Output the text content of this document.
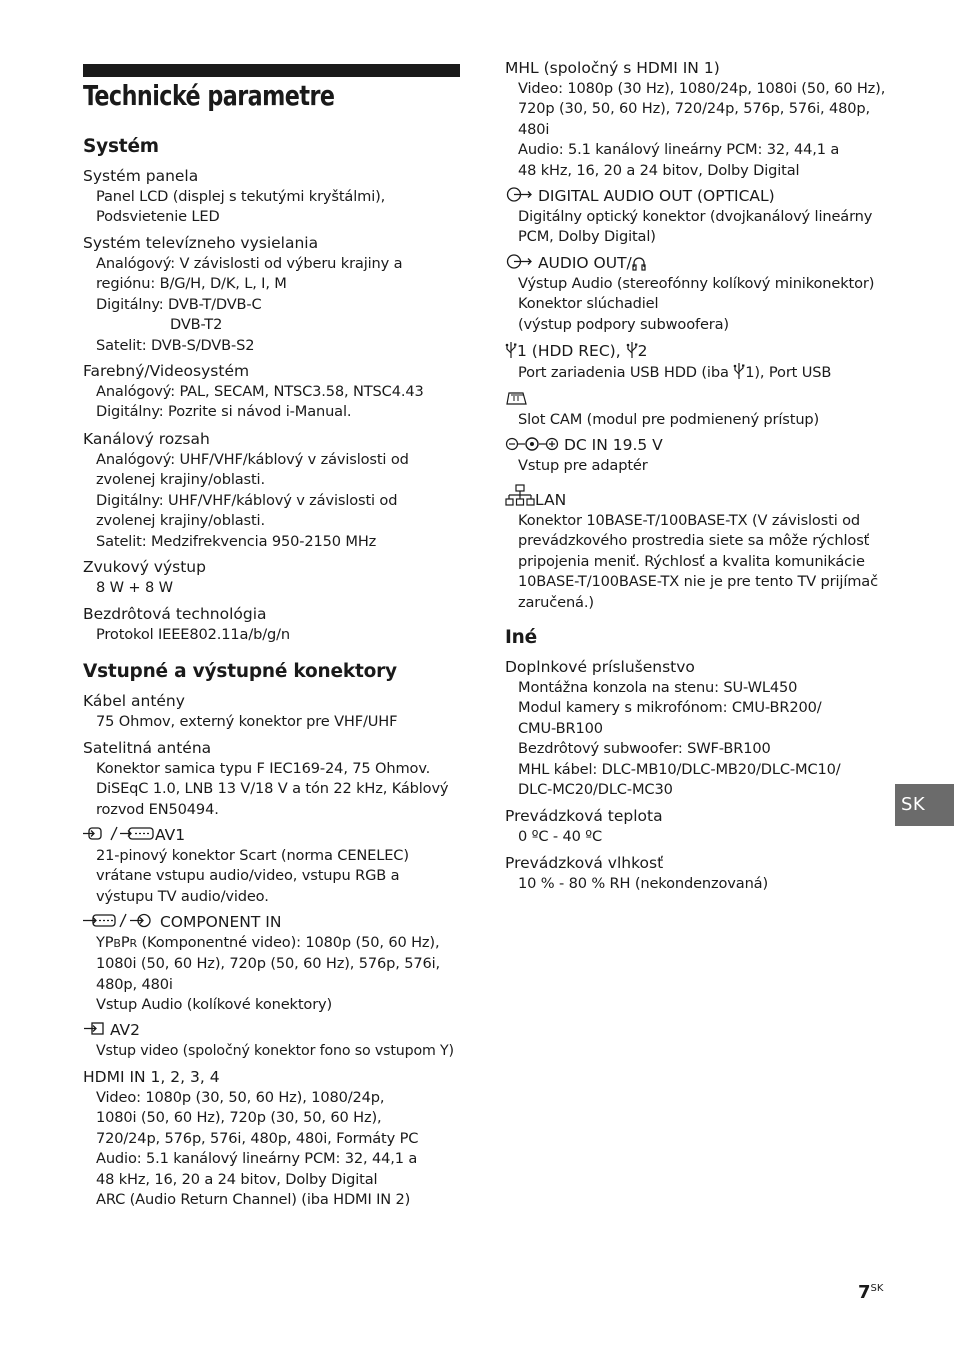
Technické parametre
Systém

Systém panela

Panel LCD (displej s tekutými kryštálmi),

Podsvietenie LED

Systém televízneho vysielania

Analógový: V závislosti od výberu krajiny a

regiónu: B/G/H, D/K, L, I, M

Digitálny: DVB-T/DVB-C

DVB-T2

Satelit: DVB-S/DVB-S2

Farebný/Videosystém

Analógový: PAL, SECAM, NTSC3.58, NTSC4.43

Digitálny: Pozrite si návod i-Manual.

Kanálový rozsah

Analógový: UHF/VHF/káblový v závislosti od

zvolenej krajiny/oblasti.

Digitálny: UHF/VHF/káblový v závislosti od

zvolenej krajiny/oblasti.

Satelit: Medzifrekvencia 950-2150 MHz

Zvukový výstup

8 W + 8 W

Bezdrôtová technológia

Protokol IEEE802.11a/b/g/n

Vstupné a výstupné konektory

Kábel antény

75 Ohmov, externý konektor pre VHF/UHF

Satelitná anténa

Konektor samica typu F IEC169-24, 75 Ohmov.

DiSEqC 1.0, LNB 13 V/18 V a tón 22 kHz, Káblový

rozvod EN50494.

AV1

21-pinový konektor Scart (norma CENELEC)

vrátane vstupu audio/video, vstupu RGB a

výstupu TV audio/video.

COMPONENT IN

YPBPR (Komponentné video): 1080p (50, 60 Hz),

1080i (50, 60 Hz), 720p (50, 60 Hz), 576p, 576i,

480p, 480i

Vstup Audio (kolíkové konektory)

AV2

Vstup video (spoločný konektor fono so vstupom Y)

HDMI IN 1, 2, 3, 4

Video: 1080p (30, 50, 60 Hz), 1080/24p,

1080i (50, 60 Hz), 720p (30, 50, 60 Hz),

720/24p, 576p, 576i, 480p, 480i, Formáty PC

Audio: 5.1 kanálový lineárny PCM: 32, 44,1 a

48 kHz, 16, 20 a 24 bitov, Dolby Digital

ARC (Audio Return Channel) (iba HDMI IN 2)

MHL (spoločný s HDMI IN 1)

Video: 1080p (30 Hz), 1080/24p, 1080i (50, 60 Hz),

720p (30, 50, 60 Hz), 720/24p, 576p, 576i, 480p,

480i

Audio: 5.1 kanálový lineárny PCM: 32, 44,1 a

48 kHz, 16, 20 a 24 bitov, Dolby Digital

DIGITAL AUDIO OUT (OPTICAL)

Digitálny optický konektor (dvojkanálový lineárny

PCM, Dolby Digital)

AUDIO OUT/

Výstup Audio (stereofónny kolíkový minikonektor)

Konektor slúchadiel

(výstup podpory subwoofera)

1 (HDD REC), 2

Port zariadenia USB HDD (iba 1), Port USB

Slot CAM (modul pre podmienený prístup)

DC IN 19.5 V

Vstup pre adaptér

LAN

Konektor 10BASE-T/100BASE-TX (V závislosti od

prevádzkového prostredia siete sa môže rýchlosť

pripojenia meniť. Rýchlosť a kvalita komunikácie

10BASE-T/100BASE-TX nie je pre tento TV prijímač

zaručená.)

Iné

Doplnkové príslušenstvo

Montážna konzola na stenu: SU-WL450

Modul kamery s mikrofónom: CMU-BR200/

CMU-BR100

Bezdrôtový subwoofer: SWF-BR100

MHL kábel: DLC-MB10/DLC-MB20/DLC-MC10/

DLC-MC20/DLC-MC30

Prevádzková teplota

0 ºC - 40 ºC

Prevádzková vlhkosť

10 % - 80 % RH (nekondenzovaná)

SK
$7^{SK}$
